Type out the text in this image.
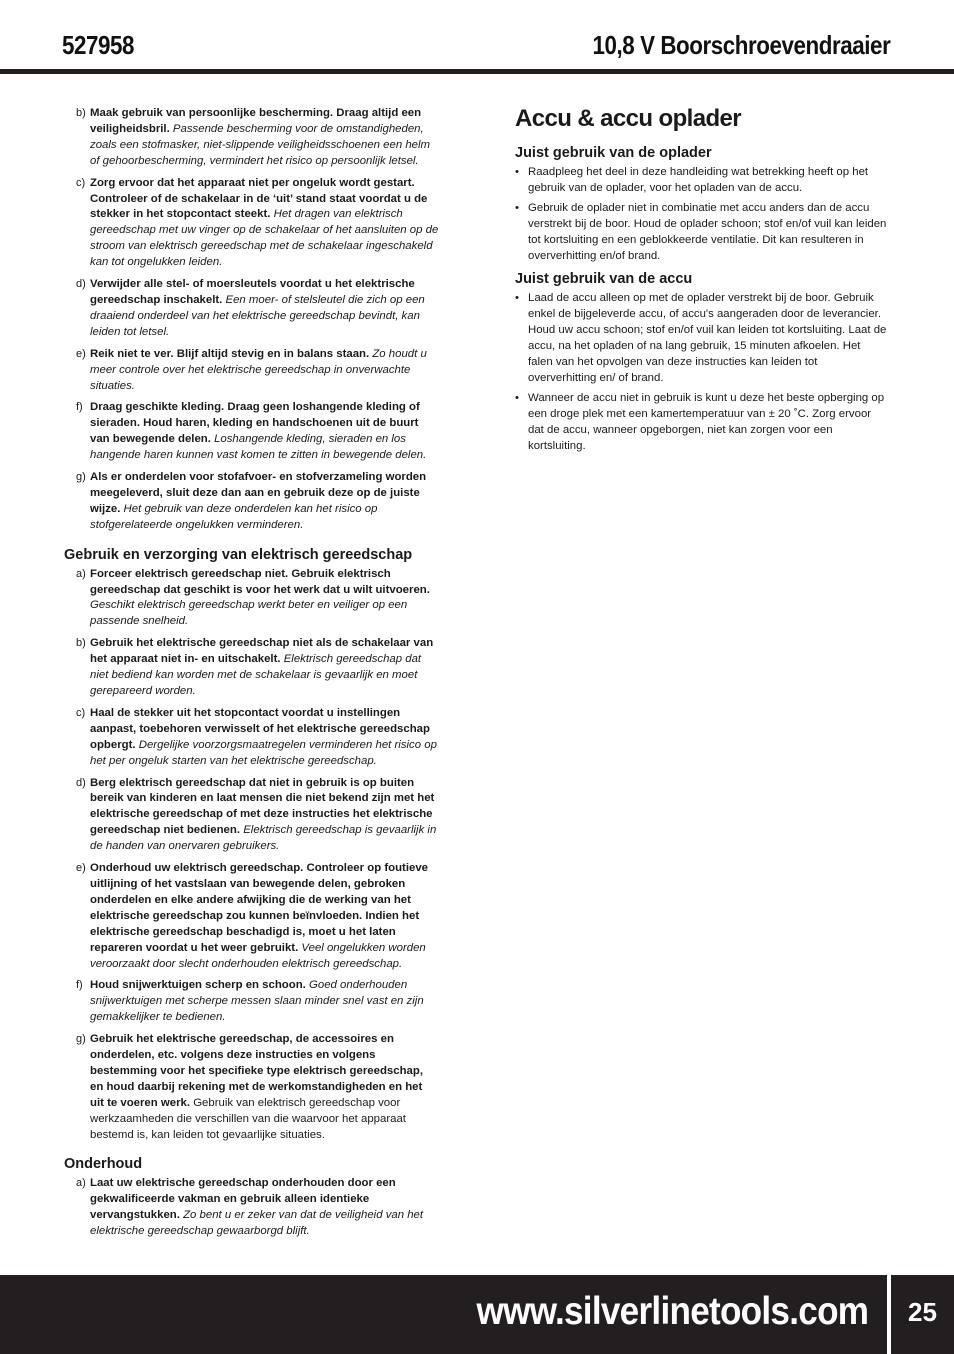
527958	10,8 V Boorschroevendraaier
b) Maak gebruik van persoonlijke bescherming. Draag altijd een veiligheidsbril. Passende bescherming voor de omstandigheden, zoals een stofmasker, niet-slippende veiligheidsschoenen een helm of gehoorbescherming, vermindert het risico op persoonlijk letsel.
c) Zorg ervoor dat het apparaat niet per ongeluk wordt gestart. Controleer of de schakelaar in de ‘uit’ stand staat voordat u de stekker in het stopcontact steekt. Het dragen van elektrisch gereedschap met uw vinger op de schakelaar of het aansluiten op de stroom van elektrisch gereedschap met de schakelaar ingeschakeld kan tot ongelukken leiden.
d) Verwijder alle stel- of moersleutels voordat u het elektrische gereedschap inschakelt. Een moer- of stelsleutel die zich op een draaiend onderdeel van het elektrische gereedschap bevindt, kan leiden tot letsel.
e) Reik niet te ver. Blijf altijd stevig en in balans staan. Zo houdt u meer controle over het elektrische gereedschap in onverwachte situaties.
f) Draag geschikte kleding. Draag geen loshangende kleding of sieraden. Houd haren, kleding en handschoenen uit de buurt van bewegende delen. Loshangende kleding, sieraden en los hangende haren kunnen vast komen te zitten in bewegende delen.
g) Als er onderdelen voor stofafvoer- en stofverzameling worden meegeleverd, sluit deze dan aan en gebruik deze op de juiste wijze. Het gebruik van deze onderdelen kan het risico op stofgerelateerde ongelukken verminderen.
Gebruik en verzorging van elektrisch gereedschap
a) Forceer elektrisch gereedschap niet. Gebruik elektrisch gereedschap dat geschikt is voor het werk dat u wilt uitvoeren. Geschikt elektrisch gereedschap werkt beter en veiliger op een passende snelheid.
b) Gebruik het elektrische gereedschap niet als de schakelaar van het apparaat niet in- en uitschakelt. Elektrisch gereedschap dat niet bediend kan worden met de schakelaar is gevaarlijk en moet gerepareerd worden.
c) Haal de stekker uit het stopcontact voordat u instellingen aanpast, toebehoren verwisselt of het elektrische gereedschap opbergt. Dergelijke voorzorgsmaatregelen verminderen het risico op het per ongeluk starten van het elektrische gereedschap.
d) Berg elektrisch gereedschap dat niet in gebruik is op buiten bereik van kinderen en laat mensen die niet bekend zijn met het elektrische gereedschap of met deze instructies het elektrische gereedschap niet bedienen. Elektrisch gereedschap is gevaarlijk in de handen van onervaren gebruikers.
e) Onderhoud uw elektrisch gereedschap. Controleer op foutieve uitlijning of het vastslaan van bewegende delen, gebroken onderdelen en elke andere afwijking die de werking van het elektrische gereedschap zou kunnen beïnvloeden. Indien het elektrische gereedschap beschadigd is, moet u het laten repareren voordat u het weer gebruikt. Veel ongelukken worden veroorzaakt door slecht onderhouden elektrisch gereedschap.
f) Houd snijwerktuigen scherp en schoon. Goed onderhouden snijwerktuigen met scherpe messen slaan minder snel vast en zijn gemakkelijker te bedienen.
g) Gebruik het elektrische gereedschap, de accessoires en onderdelen, etc. volgens deze instructies en volgens bestemming voor het specifieke type elektrisch gereedschap, en houd daarbij rekening met de werkomstandigheden en het uit te voeren werk. Gebruik van elektrisch gereedschap voor werkzaamheden die verschillen van die waarvoor het apparaat bestemd is, kan leiden tot gevaarlijke situaties.
Onderhoud
a) Laat uw elektrische gereedschap onderhouden door een gekwalificeerde vakman en gebruik alleen identieke vervangstukken. Zo bent u er zeker van dat de veiligheid van het elektrische gereedschap gewaarborgd blijft.
Accu & accu oplader
Juist gebruik van de oplader
• Raadpleeg het deel in deze handleiding wat betrekking heeft op het gebruik van de oplader, voor het opladen van de accu.
• Gebruik de oplader niet in combinatie met accu anders dan de accu verstrekt bij de boor. Houd de oplader schoon; stof en/of vuil kan leiden tot kortsluiting en een geblokkeerde ventilatie. Dit kan resulteren in oververhitting en/of brand.
Juist gebruik van de accu
• Laad de accu alleen op met de oplader verstrekt bij de boor. Gebruik enkel de bijgeleverde accu, of accu's aangeraden door de leverancier. Houd uw accu schoon; stof en/of vuil kan leiden tot kortsluiting. Laat de accu, na het opladen of na lang gebruik, 15 minuten afkoelen. Het falen van het opvolgen van deze instructies kan leiden tot oververhitting en/ of brand.
• Wanneer de accu niet in gebruik is kunt u deze het beste opberging op een droge plek met een kamertemperatuur van ± 20 ˚C. Zorg ervoor dat de accu, wanneer opgeborgen, niet kan zorgen voor een kortsluiting.
www.silverlinetools.com	25
